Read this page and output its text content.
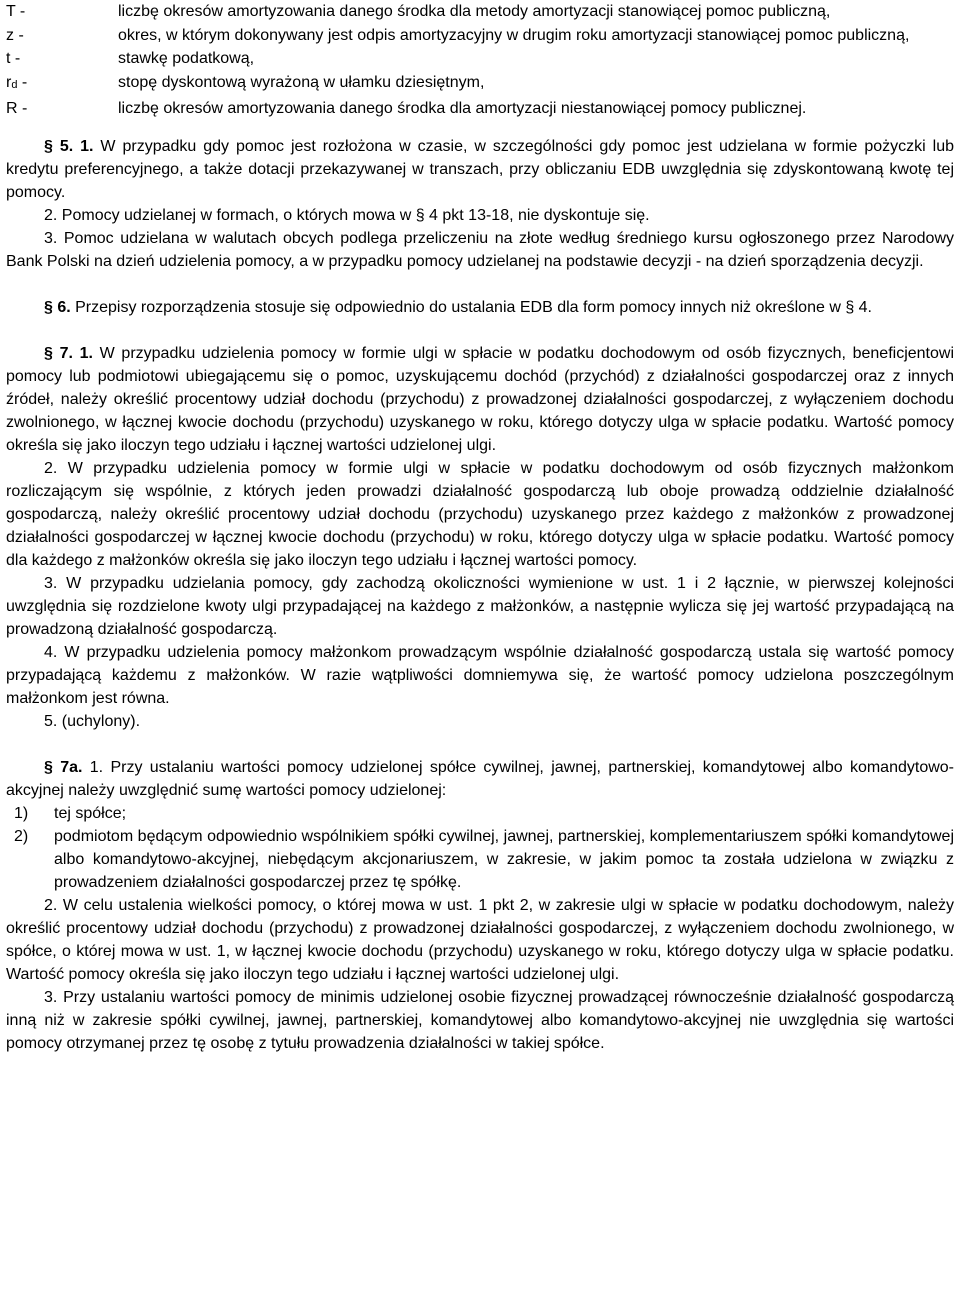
T -	liczbę okresów amortyzowania danego środka dla metody amortyzacji stanowiącej pomoc publiczną,
z -	okres, w którym dokonywany jest odpis amortyzacyjny w drugim roku amortyzacji stanowiącej pomoc publiczną,
t -	stawkę podatkową,
$r_d$ -	stopę dyskontową wyrażoną w ułamku dziesiętnym,
R -	liczbę okresów amortyzowania danego środka dla amortyzacji niestanowiącej pomocy publicznej.

§ 5. 1. W przypadku gdy pomoc jest rozłożona w czasie, w szczególności gdy pomoc jest udzielana w formie pożyczki lub kredytu preferencyjnego, a także dotacji przekazywanej w transzach, przy obliczaniu EDB uwzględnia się zdyskontowaną kwotę tej pomocy.

2. Pomocy udzielanej w formach, o których mowa w § 4 pkt 13-18, nie dyskontuje się.

3. Pomoc udzielana w walutach obcych podlega przeliczeniu na złote według średniego kursu ogłoszonego przez Narodowy Bank Polski na dzień udzielenia pomocy, a w przypadku pomocy udzielanej na podstawie decyzji - na dzień sporządzenia decyzji.

§ 6. Przepisy rozporządzenia stosuje się odpowiednio do ustalania EDB dla form pomocy innych niż określone w § 4.

§ 7. 1. W przypadku udzielenia pomocy w formie ulgi w spłacie w podatku dochodowym od osób fizycznych, beneficjentowi pomocy lub podmiotowi ubiegającemu się o pomoc, uzyskującemu dochód (przychód) z działalności gospodarczej oraz z innych źródeł, należy określić procentowy udział dochodu (przychodu) z prowadzonej działalności gospodarczej, z wyłączeniem dochodu zwolnionego, w łącznej kwocie dochodu (przychodu) uzyskanego w roku, którego dotyczy ulga w spłacie podatku. Wartość pomocy określa się jako iloczyn tego udziału i łącznej wartości udzielonej ulgi.

2. W przypadku udzielenia pomocy w formie ulgi w spłacie w podatku dochodowym od osób fizycznych małżonkom rozliczającym się wspólnie, z których jeden prowadzi działalność gospodarczą lub oboje prowadzą oddzielnie działalność gospodarczą, należy określić procentowy udział dochodu (przychodu) uzyskanego przez każdego z małżonków z prowadzonej działalności gospodarczej w łącznej kwocie dochodu (przychodu) w roku, którego dotyczy ulga w spłacie podatku. Wartość pomocy dla każdego z małżonków określa się jako iloczyn tego udziału i łącznej wartości pomocy.

3. W przypadku udzielania pomocy, gdy zachodzą okoliczności wymienione w ust. 1 i 2 łącznie, w pierwszej kolejności uwzględnia się rozdzielone kwoty ulgi przypadającej na każdego z małżonków, a następnie wylicza się jej wartość przypadającą na prowadzoną działalność gospodarczą.

4. W przypadku udzielenia pomocy małżonkom prowadzącym wspólnie działalność gospodarczą ustala się wartość pomocy przypadającą każdemu z małżonków. W razie wątpliwości domniemywa się, że wartość pomocy udzielona poszczególnym małżonkom jest równa.

5. (uchylony).

§ 7a. 1. Przy ustalaniu wartości pomocy udzielonej spółce cywilnej, jawnej, partnerskiej, komandytowej albo komandytowo-akcyjnej należy uwzględnić sumę wartości pomocy udzielonej:

1)	tej spółce;
2)	podmiotom będącym odpowiednio wspólnikiem spółki cywilnej, jawnej, partnerskiej, komplementariuszem spółki komandytowej albo komandytowo-akcyjnej, niebędącym akcjonariuszem, w zakresie, w jakim pomoc ta została udzielona w związku z prowadzeniem działalności gospodarczej przez tę spółkę.

2. W celu ustalenia wielkości pomocy, o której mowa w ust. 1 pkt 2, w zakresie ulgi w spłacie w podatku dochodowym, należy określić procentowy udział dochodu (przychodu) z prowadzonej działalności gospodarczej, z wyłączeniem dochodu zwolnionego, w spółce, o której mowa w ust. 1, w łącznej kwocie dochodu (przychodu) uzyskanego w roku, którego dotyczy ulga w spłacie podatku. Wartość pomocy określa się jako iloczyn tego udziału i łącznej wartości udzielonej ulgi.

3. Przy ustalaniu wartości pomocy de minimis udzielonej osobie fizycznej prowadzącej równocześnie działalność gospodarczą inną niż w zakresie spółki cywilnej, jawnej, partnerskiej, komandytowej albo komandytowo-akcyjnej nie uwzględnia się wartości pomocy otrzymanej przez tę osobę z tytułu prowadzenia działalności w takiej spółce.
